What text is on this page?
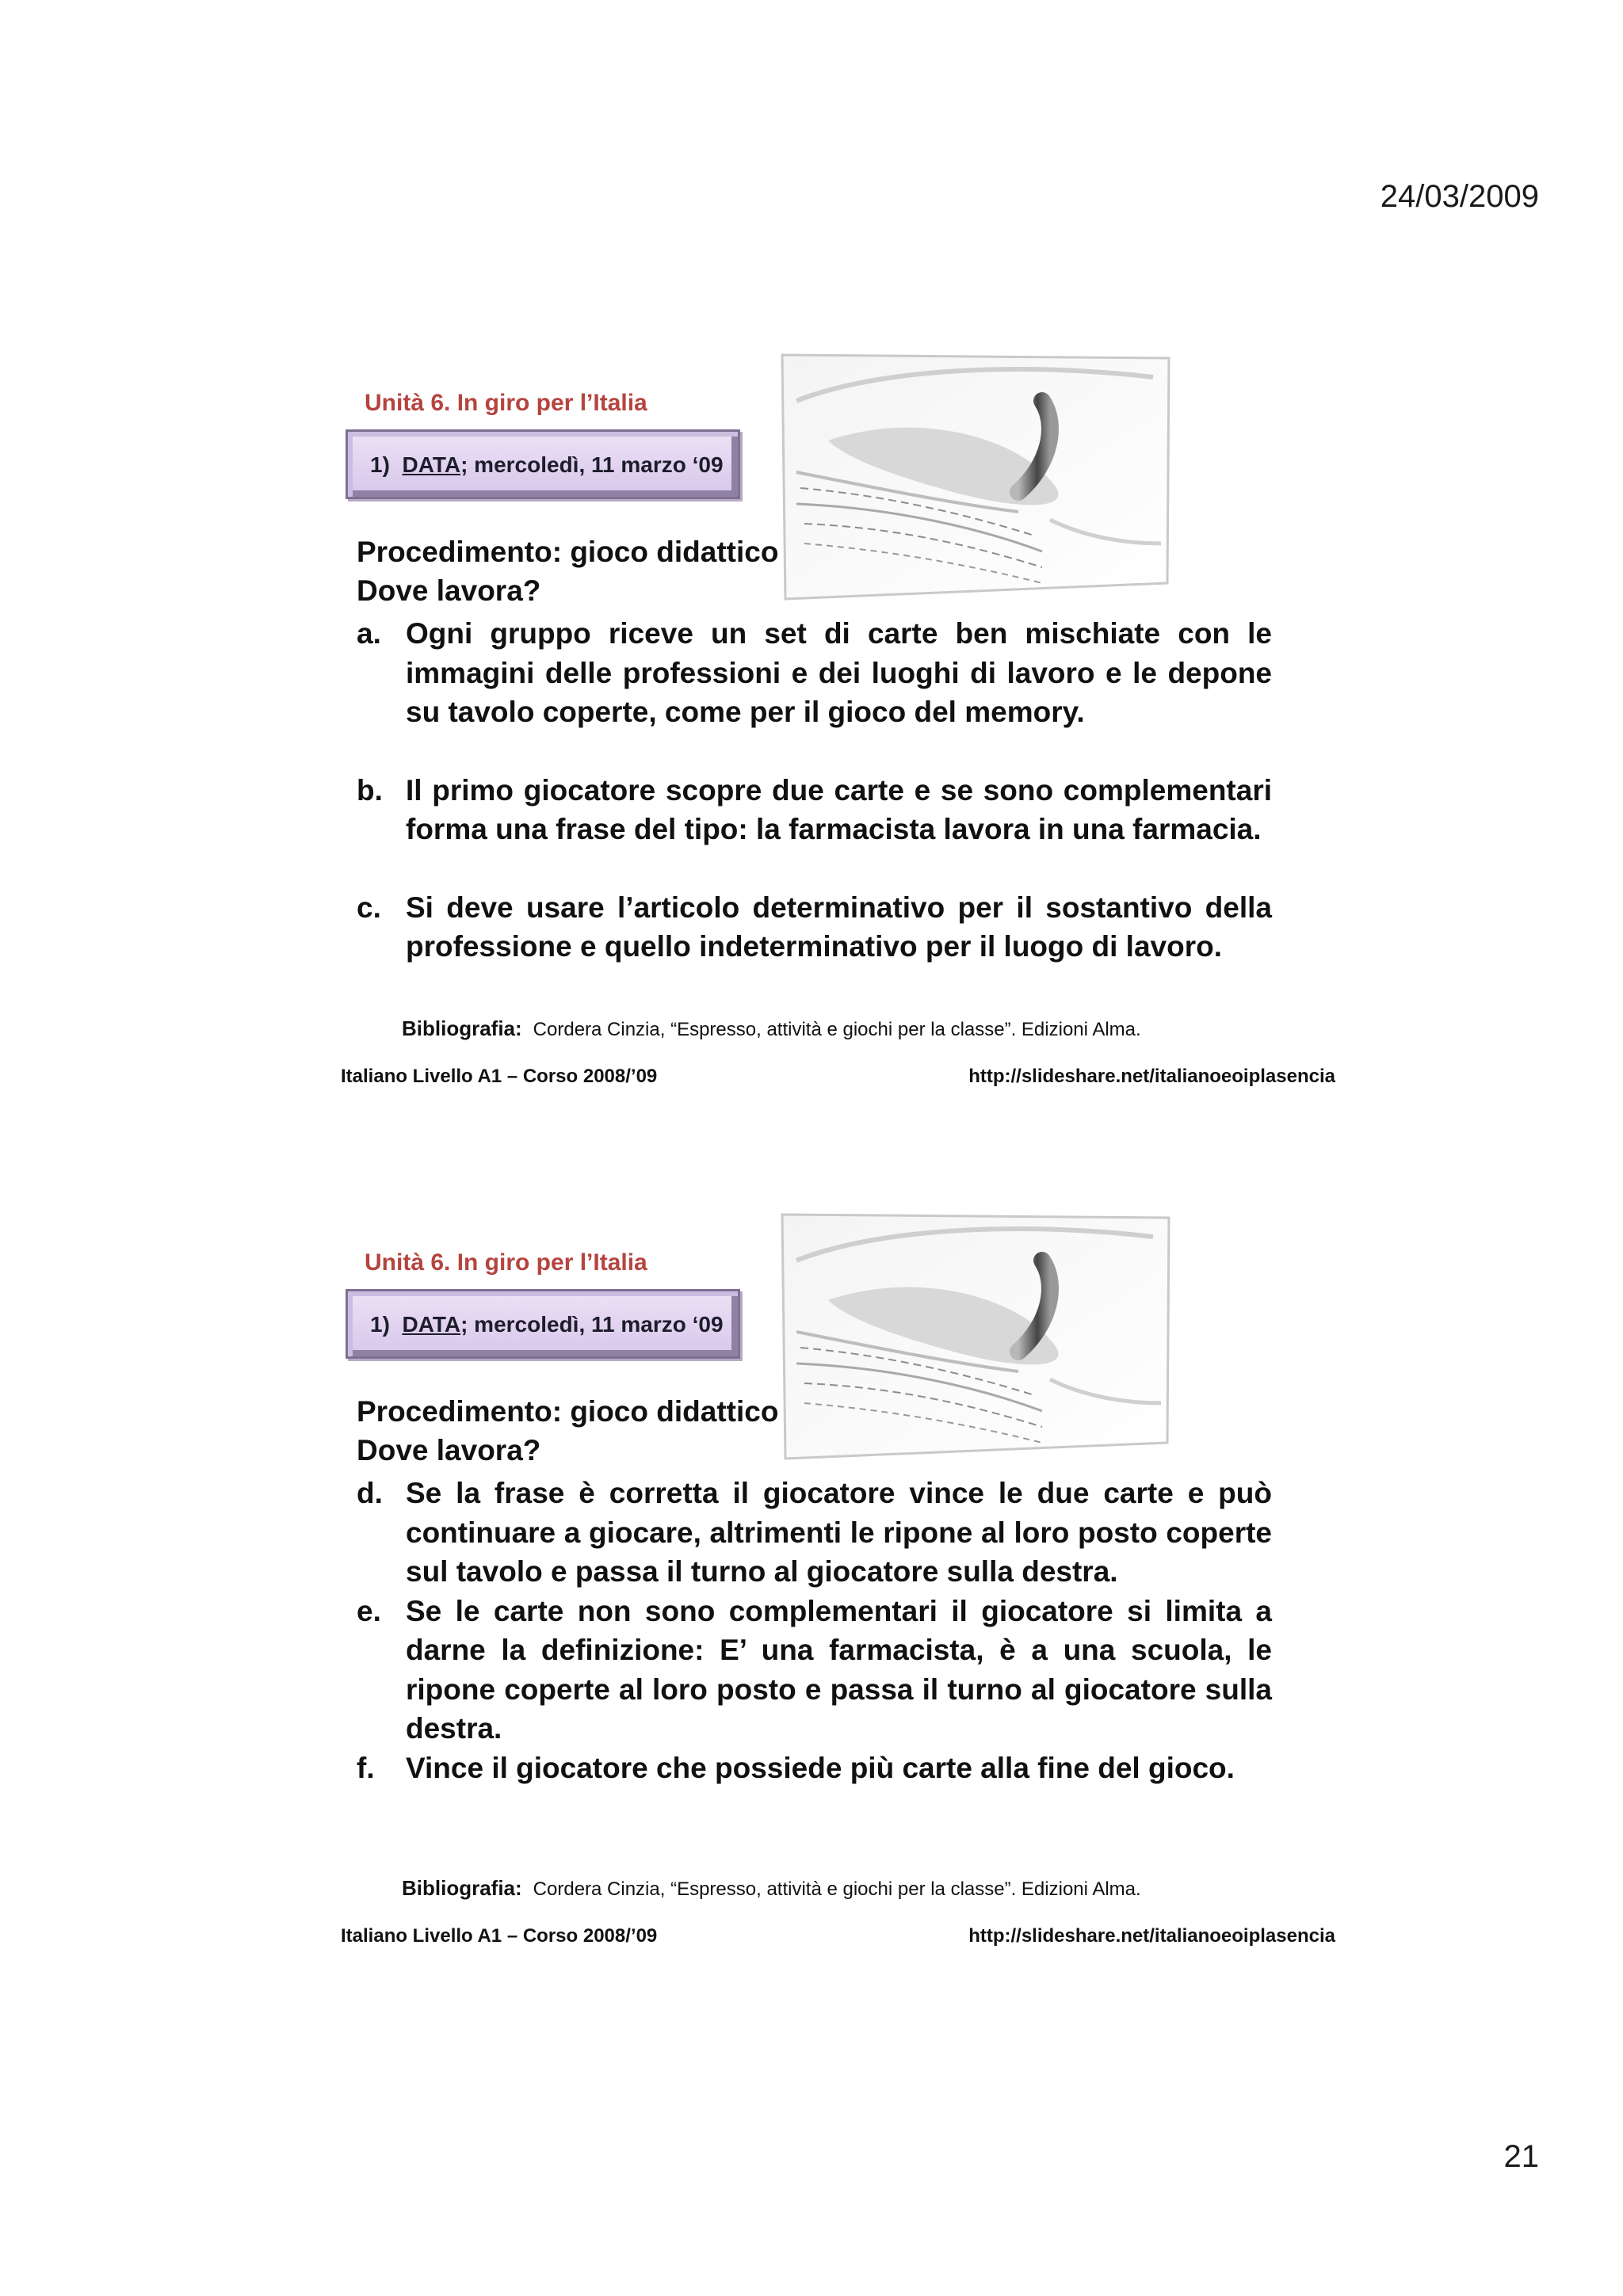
24/03/2009
Unità 6. In giro per l’Italia
1)  DATA; mercoledì, 11 marzo ‘09
Procedimento: gioco didattico
Dove lavora?
a. Ogni gruppo riceve un set di carte ben mischiate con le immagini delle professioni e dei luoghi di lavoro e le depone su tavolo coperte, come per il gioco del memory.
b. Il primo giocatore scopre due carte e se sono complementari forma una frase del tipo: la farmacista lavora in una farmacia.
c. Si deve usare l’articolo determinativo per il sostantivo della professione e quello indeterminativo per il luogo di lavoro.
Bibliografia: Cordera Cinzia, “Espresso, attività e giochi per la classe”. Edizioni Alma.
Italiano Livello A1 – Corso 2008/’09	http://slideshare.net/italianoeoiplasencia
Unità 6. In giro per l’Italia
1)  DATA; mercoledì, 11 marzo ‘09
Procedimento: gioco didattico
Dove lavora?
d. Se la frase è corretta il giocatore vince le due carte e può continuare a giocare, altrimenti le ripone al loro posto coperte sul tavolo e passa il turno al giocatore sulla destra.
e. Se le carte non sono complementari il giocatore si limita a darne la definizione: E’ una farmacista, è a una scuola, le ripone coperte al loro posto e passa il turno al giocatore sulla destra.
f. Vince il giocatore che possiede più carte alla fine del gioco.
Bibliografia: Cordera Cinzia, “Espresso, attività e giochi per la classe”. Edizioni Alma.
Italiano Livello A1 – Corso 2008/’09	http://slideshare.net/italianoeoiplasencia
21
